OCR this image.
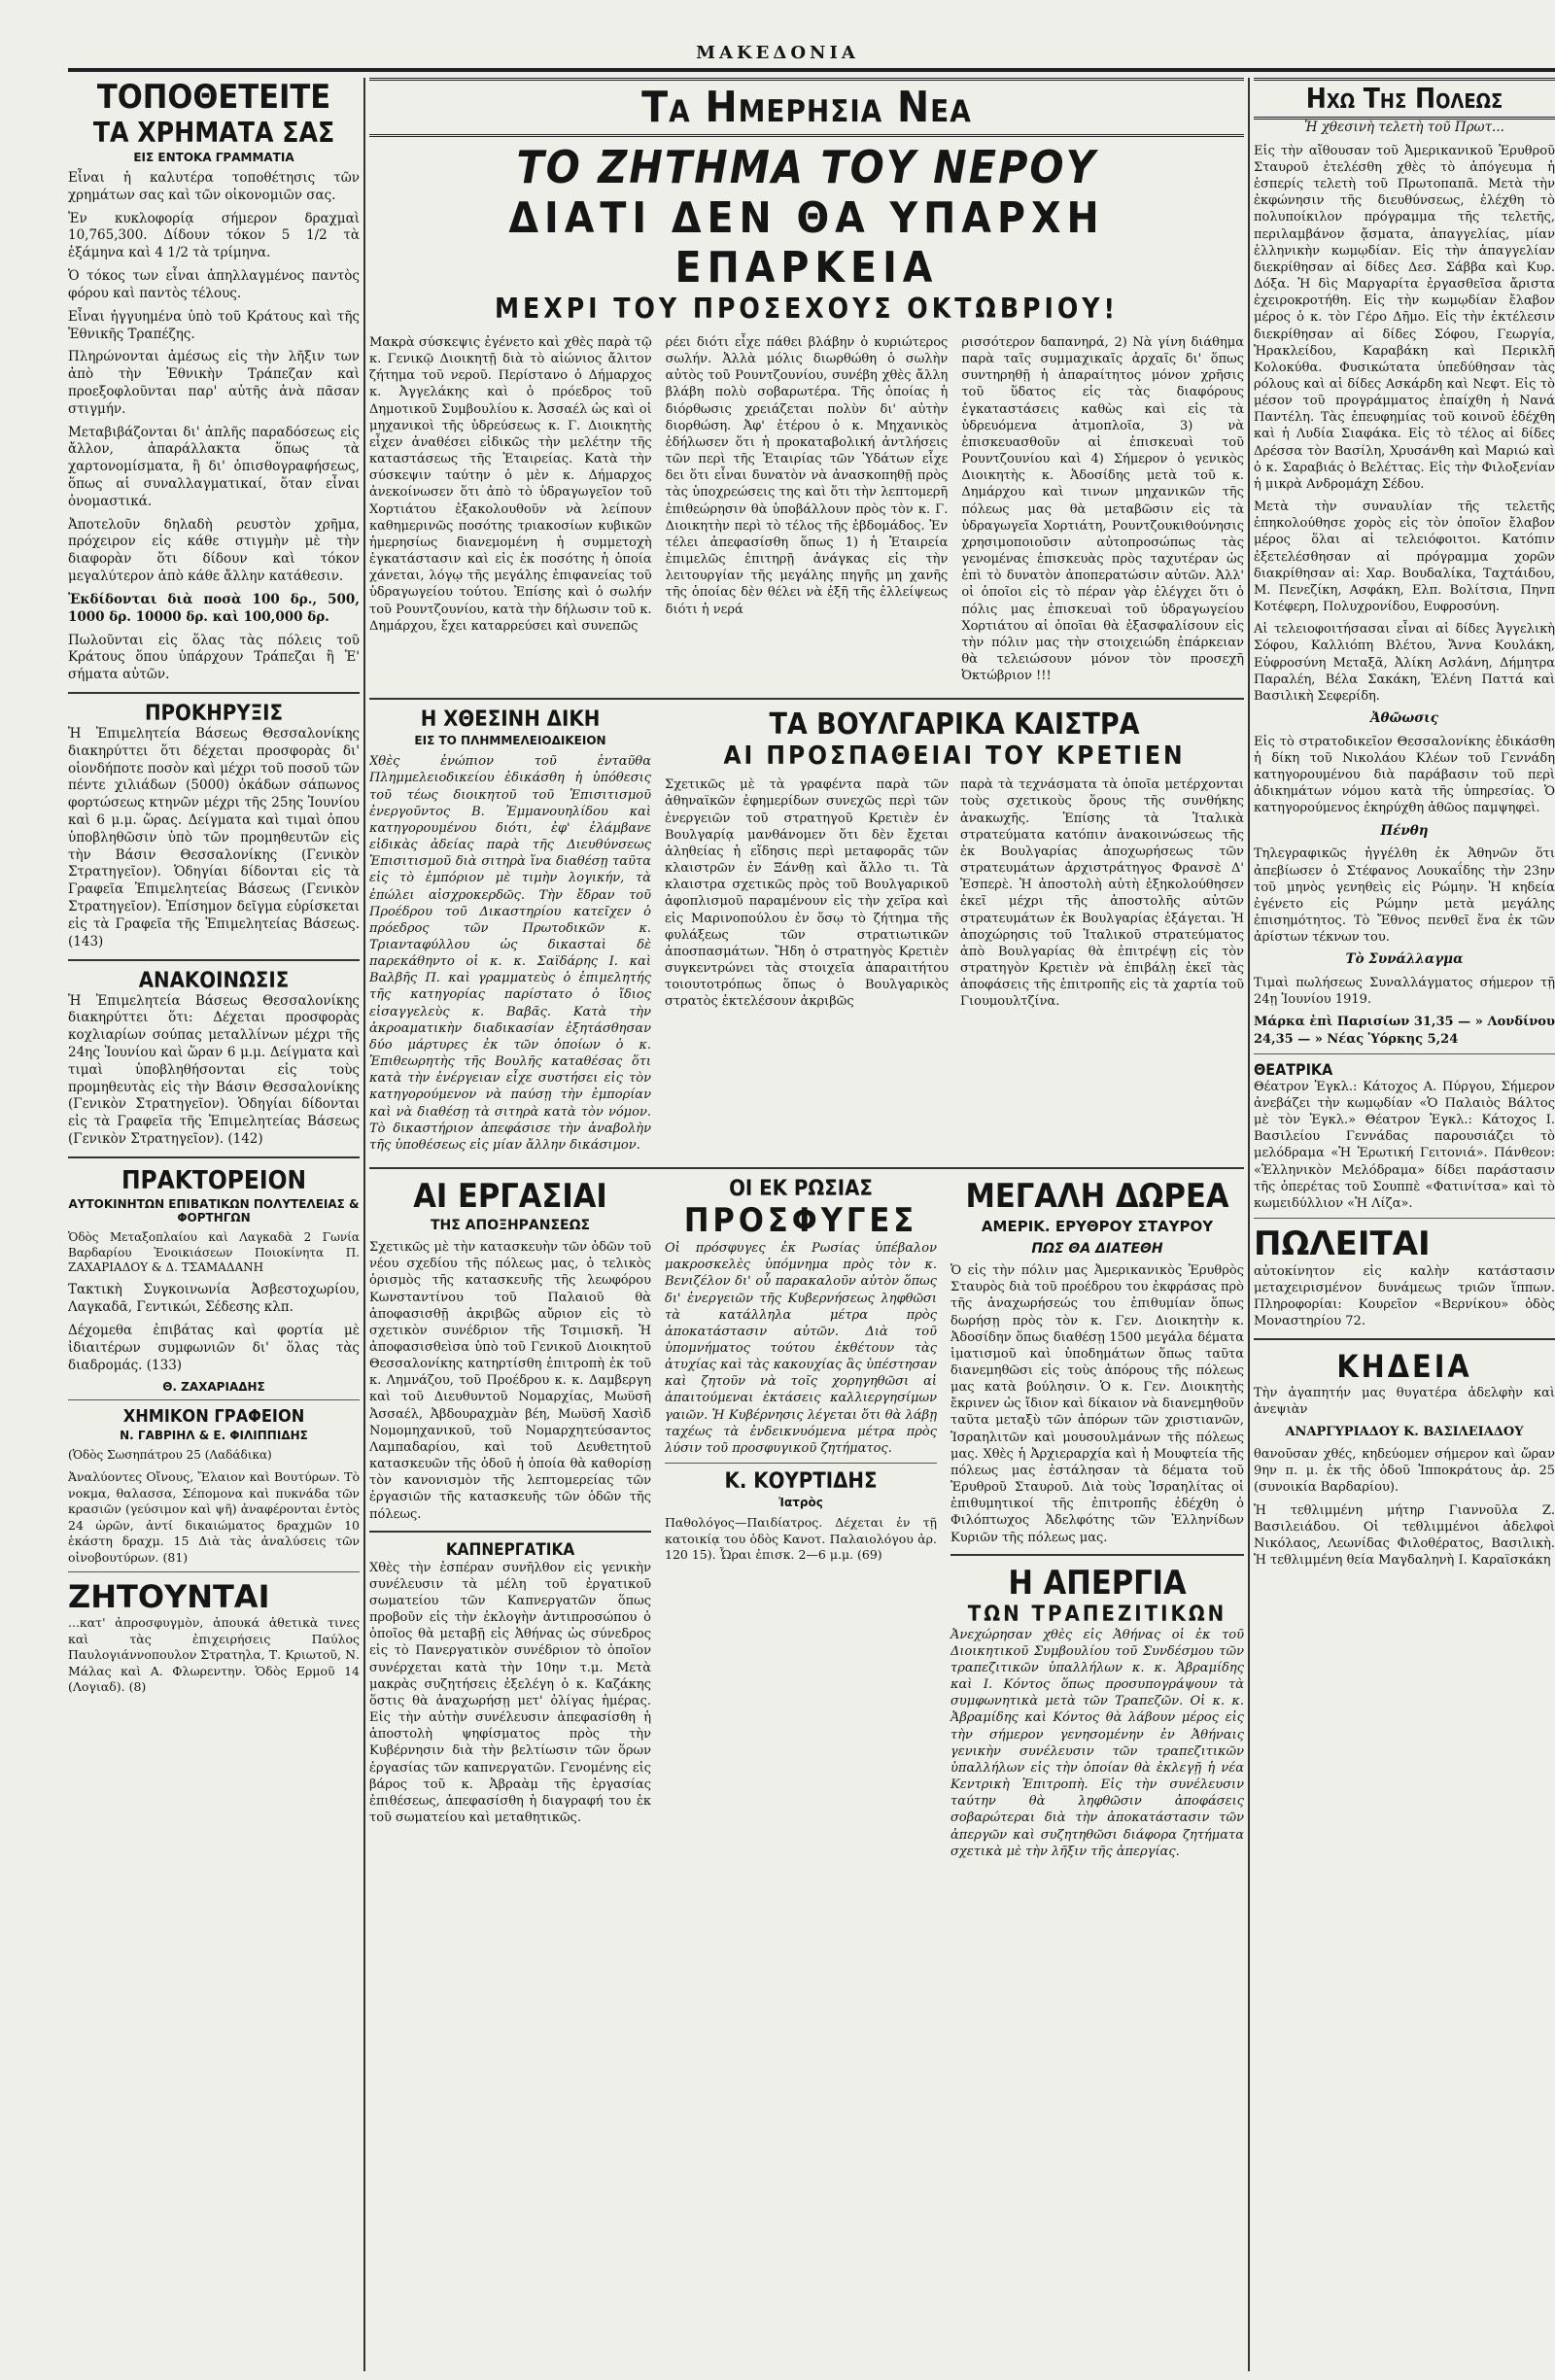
ΜΑΚΕΔΟΝΙΑ
ΤΟΠΟΘΕΤΕΙΤΕ
ΤΑ ΧΡΗΜΑΤΑ ΣΑΣ
ΕΙΣ ΕΝΤΟΚΑ ΓΡΑΜΜΑΤΙΑ

Εἶναι ἡ καλυτέρα τοποθέτησις τῶν χρημάτων σας καὶ τῶν οἰκονομιῶν σας.

Ἐν κυκλοφορίᾳ σήμερον δραχμαὶ 10,765,300. Δίδουν τόκον 5 1/2 τὰ ἑξάμηνα καὶ 4 1/2 τὰ τρίμηνα.

Ὁ τόκος των εἶναι ἀπηλλαγμένος παντὸς φόρου καὶ παντὸς τέλους.

Εἶναι ἠγγυημένα ὑπὸ τοῦ Κράτους καὶ τῆς Ἐθνικῆς Τραπέζης.

Πληρώνονται ἀμέσως εἰς τὴν λῆξιν των ἀπὸ τὴν Ἐθνικὴν Τράπεζαν καὶ προεξοφλοῦνται παρ' αὐτῆς ἀνὰ πᾶσαν στιγμήν.

Μεταβιβάζονται δι' ἁπλῆς παραδόσεως εἰς ἄλλον, ἀπαράλλακτα ὅπως τὰ χαρτονομίσματα, ἢ δι' ὀπισθογραφήσεως, ὅπως αἱ συναλλαγματικαί, ὅταν εἶναι ὀνομαστικά.

Ἀποτελοῦν δηλαδὴ ρευστὸν χρῆμα, πρόχειρον εἰς κάθε στιγμὴν μὲ τὴν διαφορὰν ὅτι δίδουν καὶ τόκον μεγαλύτερον ἀπὸ κάθε ἄλλην κατάθεσιν.

Ἐκδίδονται διὰ ποσὰ 100 δρ., 500, 1000 δρ. 10000 δρ. καὶ 100,000 δρ.

Πωλοῦνται εἰς ὅλας τὰς πόλεις τοῦ Κράτους ὅπου ὑπάρχουν Τράπεζαι ἢ Ἐ' σήματα αὐτῶν.

ΠΡΟΚΗΡΥΞΙΣ

Ἡ Ἐπιμελητεία Βάσεως Θεσσαλονίκης διακηρύττει ὅτι δέχεται προσφορὰς δι' οἱονδήποτε ποσὸν καὶ μέχρι τοῦ ποσοῦ τῶν πέντε χιλιάδων (5000) ὀκάδων σάπωνος φορτώσεως κτηνῶν μέχρι τῆς 25ης Ἰουνίου καὶ 6 μ.μ. ὥρας. Δείγματα καὶ τιμαὶ ὁπου ὑποβληθῶσιν ὑπὸ τῶν προμηθευτῶν εἰς τὴν Βάσιν Θεσσαλονίκης (Γενικὸν Στρατηγεῖον). Ὁδηγίαι δίδονται εἰς τὰ Γραφεῖα Ἐπιμελητείας Βάσεως (Γενικὸν Στρατηγεῖον). Ἐπίσημον δεῖγμα εὑρίσκεται εἰς τὰ Γραφεῖα τῆς Ἐπιμελητείας Βάσεως. (143)

ΑΝΑΚΟΙΝΩΣΙΣ

Ἡ Ἐπιμελητεία Βάσεως Θεσσαλονίκης διακηρύττει ὅτι: Δέχεται προσφορὰς κοχλιαρίων σούπας μεταλλίνων μέχρι τῆς 24ης Ἰουνίου καὶ ὥραν 6 μ.μ. Δείγματα καὶ τιμαὶ ὑποβληθήσονται εἰς τοὺς προμηθευτὰς εἰς τὴν Βάσιν Θεσσαλονίκης (Γενικὸν Στρατηγεῖον). Ὁδηγίαι δίδονται εἰς τὰ Γραφεῖα τῆς Ἐπιμελητείας Βάσεως (Γενικὸν Στρατηγεῖον). (142)

ΠΡΑΚΤΟΡΕΙΟΝ
ΑΥΤΟΚΙΝΗΤΩΝ ΕΠΙΒΑΤΙΚΩΝ ΠΟΛΥΤΕΛΕΙΑΣ & ΦΟΡΤΗΓΩΝ

Ὁδὸς Μεταξοπλαίου καὶ Λαγκαδὰ 2 Γωνία Βαρδαρίου Ἐνοικιάσεων Ποιοκίνητα Π. ΖΑΧΑΡΙΑΔΟΥ & Δ. ΤΣΑΜΑΔΑΝΗ

Τακτικὴ Συγκοινωνία Ἀσβεστοχωρίου, Λαγκαδᾶ, Γεντικώι, Σέδεσης κλπ.

Δέχομεθα ἐπιβάτας καὶ φορτία μὲ ἰδιαιτέρων συμφωνιῶν δι' ὅλας τὰς διαδρομάς. (133)

Θ. ΖΑΧΑΡΙΑΔΗΣ
ΧΗΜΙΚΟΝ ΓΡΑΦΕΙΟΝ
Ν. ΓΑΒΡΙΗΛ & Ε. ΦΙΛΙΠΠΙΔΗΣ

(Ὁδὸς Σωσηπάτρου 25 (Λαδάδικα)

Ἀναλύοντες Οἴνους, Ἔλαιον καὶ Βουτύρων. Τὸ νοκμα, θαλασσα, Σέπομονα καὶ πυκνάδα τῶν κρασιῶν (γεύσιμον καὶ ψῆ) ἀναφέρονται ἐντὸς 24 ὡρῶν, ἀντί δικαιώματος δραχμῶν 10 ἑκάστη δραχμ. 15 Διὰ τὰς ἀναλύσεις τῶν οἰνοβουτύρων. (81)

ΖΗΤΟΥΝΤΑΙ

...κατ' ἀπροσφυγμὸν, ἀπουκά ἀθετικὰ τινες καὶ τὰς ἐπιχειρήσεις Παύλος Παυλογιάννοπουλον Στρατηλα, Τ. Κριωτοῦ, Ν. Μάλας καὶ Α. Φλωρεντην. Ὁδὸς Ερμοῦ 14 (Λογιαδ). (8)

Τα Ημερησια Νεα
ΤΟ ΖΗΤΗΜΑ ΤΟΥ ΝΕΡΟΥ
ΔΙΑΤΙ ΔΕΝ ΘΑ ΥΠΑΡΧΗ ΕΠΑΡΚΕΙΑ
ΜΕΧΡΙ ΤΟΥ ΠΡΟΣΕΧΟΥΣ ΟΚΤΩΒΡΙΟΥ!

Μακρὰ σύσκεψις ἐγένετο καὶ χθὲς παρὰ τῷ κ. Γενικῷ Διοικητῇ διὰ τὸ αἰώνιος ἄλιτον ζήτημα τοῦ νεροῦ. Περίστανο ὁ Δήμαρχος κ. Ἀγγελάκης καὶ ὁ πρόεδρος τοῦ Δημοτικοῦ Συμβουλίου κ. Ἀσσαέλ ὡς καὶ οἱ μηχανικοὶ τῆς ὑδρεύσεως κ. Γ. Διοικητὴς εἶχεν ἀναθέσει εἰδικῶς τὴν μελέτην τῆς καταστάσεως τῆς Ἑταιρείας. Κατὰ τὴν σύσκεψιν ταύτην ὁ μὲν κ. Δήμαρχος ἀνεκοίνωσεν ὅτι ἀπὸ τὸ ὑδραγωγεῖον τοῦ Χορτιάτου ἐξακολουθοῦν νὰ λείπουν καθημερινῶς ποσότης τριακοσίων κυβικῶν ἡμερησίως διανεμομένη ἡ συμμετοχὴ ἐγκατάστασιν καὶ εἰς ἐκ ποσότης ἡ ὁποία χάνεται, λόγῳ τῆς μεγάλης ἐπιφανείας τοῦ ὑδραγωγείου τούτου. Ἐπίσης καὶ ὁ σωλήν τοῦ Ρουντζουνίου, κατὰ τὴν δήλωσιν τοῦ κ. Δημάρχου, ἔχει καταρρεύσει καὶ συνεπῶς

ρέει διότι εἶχε πάθει βλάβην ὁ κυριώτερος σωλήν. Ἀλλὰ μόλις διωρθώθη ὁ σωλὴν αὐτὸς τοῦ Ρουντζουνίου, συνέβη χθὲς ἄλλη βλάβη πολὺ σοβαρωτέρα. Τῆς ὁποίας ἡ διόρθωσις χρειάζεται πολὺν δι' αὐτὴν διορθώση. Ἀφ' ἑτέρου ὁ κ. Μηχανικὸς ἐδήλωσεν ὅτι ἡ προκαταβολική ἀντλήσεις τῶν περὶ τῆς Ἑταιρίας τῶν Ὑδάτων εἶχε δει ὅτι εἶναι δυνατὸν νὰ ἀνασκοπηθῇ πρὸς τὰς ὑποχρεώσεις της καὶ ὅτι τὴν λεπτομερῆ ἐπιθεώρησιν θὰ ὑποβάλλουν πρὸς τὸν κ. Γ. Διοικητὴν περὶ τὸ τέλος τῆς ἑβδομάδος. Ἐν τέλει ἀπεφασίσθη ὅπως 1) ἡ Ἑταιρεία ἐπιμελῶς ἐπιτηρῇ ἀνάγκας εἰς τὴν λειτουργίαν τῆς μεγάλης πηγῆς μη χανῆς τῆς ὁποίας δὲν θέλει νὰ ἐξῆ τῆς ἐλλείψεως διότι ἡ νερά

ρισσότερον δαπανηρά, 2) Νὰ γίνη διάθημα παρὰ ταῖς συμμαχικαῖς ἀρχαῖς δι' ὅπως συντηρηθῇ ἡ ἀπαραίτητος μόνον χρῆσις τοῦ ὕδατος εἰς τὰς διαφόρους ἐγκαταστάσεις καθὼς καὶ εἰς τὰ ὑδρευόμενα ἀτμοπλοῖα, 3) νὰ ἐπισκευασθοῦν αἱ ἐπισκευαὶ τοῦ Ρουντζουνίου καὶ 4) Σήμερον ὁ γενικὸς Διοικητὴς κ. Ἀδοσίδης μετὰ τοῦ κ. Δημάρχου καὶ τινων μηχανικῶν τῆς πόλεως μας θὰ μεταβῶσιν εἰς τὰ ὑδραγωγεῖα Χορτιάτη, Ρουντζουκιθούνησις χρησιμοποιοῦσιν αὐτοπροσώπως τὰς γενομένας ἐπισκευὰς πρὸς ταχυτέραν ὡς ἐπὶ τὸ δυνατὸν ἀποπερατώσιν αὐτῶν. Ἀλλ' οἱ ὁποῖοι εἰς τὸ πέραν γὰρ ἐλέγχει ὅτι ὁ πόλις μας ἐπισκευαὶ τοῦ ὑδραγωγείου Χορτιάτου αἱ ὁποῖαι θὰ ἐξασφαλίσουν εἰς τὴν πόλιν μας τὴν στοιχειώδη ἐπάρκειαν θὰ τελειώσουν μόνον τὸν προσεχῆ Ὀκτώβριον !!!

Η ΧΘΕΣΙΝΗ ΔΙΚΗ
ΕΙΣ ΤΟ ΠΛΗΜΜΕΛΕΙΟΔΙΚΕΙΟΝ

Χθὲς ἐνώπιον τοῦ ἐνταῦθα Πλημμελειοδικείου ἐδικάσθη ἡ ὑπόθεσις τοῦ τέως διοικητοῦ τοῦ Ἐπισιτισμοῦ ἐνεργοῦντος Β. Ἐμμανουηλίδου καὶ κατηγορουμένου διότι, ἐφ' ἐλάμβανε εἰδικὰς ἀδείας παρὰ τῆς Διευθύνσεως Ἐπισιτισμοῦ διὰ σιτηρὰ ἵνα διαθέσῃ ταῦτα εἰς τὸ ἐμπόριον μὲ τιμὴν λογικήν, τὰ ἐπώλει αἰσχροκερδῶς. Τὴν ἕδραν τοῦ Προέδρου τοῦ Δικαστηρίου κατεῖχεν ὁ πρόεδρος τῶν Πρωτοδικῶν κ. Τριανταφύλλου ὡς δικασταὶ δὲ παρεκάθηντο οἱ κ. κ. Σαϊδάρης Ι. καὶ Βαλβῆς Π. καὶ γραμματεὺς ὁ ἐπιμελητής τῆς κατηγορίας παρίστατο ὁ ἴδιος εἰσαγγελεὺς κ. Βαβᾶς. Κατὰ τὴν ἀκροαματικὴν διαδικασίαν ἐξητάσθησαν δύο μάρτυρες ἐκ τῶν ὁποίων ὁ κ. Ἐπιθεωρητὴς τῆς Βουλῆς καταθέσας ὅτι κατὰ τὴν ἐνέργειαν εἶχε συστήσει εἰς τὸν κατηγορούμενον νὰ παύσῃ τὴν ἐμπορίαν καὶ νὰ διαθέσῃ τὰ σιτηρὰ κατὰ τὸν νόμον. Τὸ δικαστήριον ἀπεφάσισε τὴν ἀναβολὴν τῆς ὑποθέσεως εἰς μίαν ἄλλην δικάσιμον.

ΤΑ ΒΟΥΛΓΑΡΙΚΑ ΚΑΙΣΤΡΑ
ΑΙ ΠΡΟΣΠΑΘΕΙΑΙ ΤΟΥ ΚΡΕΤΙΕΝ

Σχετικῶς μὲ τὰ γραφέντα παρὰ τῶν ἀθηναϊκῶν ἐφημερίδων συνεχῶς περὶ τῶν ἐνεργειῶν τοῦ στρατηγοῦ Κρετιὲν ἐν Βουλγαρίᾳ μανθάνομεν ὅτι δὲν ἔχεται ἀληθείας ἡ εἴδησις περὶ μεταφορᾶς τῶν κλαιστρῶν ἐν Ξάνθῃ καὶ ἄλλο τι. Τὰ κλαιστρα σχετικῶς πρὸς τοῦ Βουλγαρικοῦ ἀφοπλισμοῦ παραμένουν εἰς τὴν χεῖρα καὶ εἰς Μαρινοπούλου ἐν ὅσῳ τὸ ζήτημα τῆς φυλάξεως τῶν στρατιωτικῶν ἀποσπασμάτων. Ἤδη ὁ στρατηγὸς Κρετιὲν συγκεντρώνει τὰς στοιχεῖα ἀπαραιτήτου τοιουτοτρόπως ὅπως ὁ Βουλγαρικὸς στρατὸς ἐκτελέσουν ἀκριβῶς

παρὰ τὰ τεχνάσματα τὰ ὁποῖα μετέρχονται τοὺς σχετικοὺς ὅρους τῆς συνθήκης ἀνακωχῆς. Ἐπίσης τὰ Ἰταλικὰ στρατεύματα κατόπιν ἀνακοινώσεως τῆς ἐκ Βουλγαρίας ἀποχωρήσεως τῶν στρατευμάτων ἀρχιστράτηγος Φρανσὲ Δ' Ἐσπερὲ. Ἡ ἀποστολὴ αὐτὴ ἐξηκολούθησεν ἐκεῖ μέχρι τῆς ἀποστολῆς αὐτῶν στρατευμάτων ἐκ Βουλγαρίας ἐξάγεται. Ἡ ἀποχώρησις τοῦ Ἰταλικοῦ στρατεύματος ἀπὸ Βουλγαρίας θὰ ἐπιτρέψῃ εἰς τὸν στρατηγὸν Κρετιὲν νὰ ἐπιβάλῃ ἐκεῖ τὰς ἀποφάσεις τῆς ἐπιτροπῆς εἰς τὰ χαρτία τοῦ Γιουμουλτζίνα.

ΑΙ ΕΡΓΑΣΙΑΙ
ΤΗΣ ΑΠΟΞΗΡΑΝΣΕΩΣ

Σχετικῶς μὲ τὴν κατασκευὴν τῶν ὁδῶν τοῦ νέου σχεδίου τῆς πόλεως μας, ὁ τελικὸς ὁρισμὸς τῆς κατασκευῆς τῆς λεωφόρου Κωνσταντίνου τοῦ Παλαιοῦ θὰ ἀποφασισθῇ ἀκριβῶς αὔριον εἰς τὸ σχετικὸν συνέδριον τῆς Τσιμισκῆ. Ἡ ἀποφασισθεὶσα ὑπὸ τοῦ Γενικοῦ Διοικητοῦ Θεσσαλονίκης κατηρτίσθη ἐπιτροπὴ ἐκ τοῦ κ. Λημνάζου, τοῦ Προέδρου κ. κ. Δαμβεργη καὶ τοῦ Διευθυντοῦ Νομαρχίας, Μωϋσῆ Ἀσσαέλ, Ἀβδουραχμὰν βέη, Μωϋσῆ Χασὶδ Νομομηχανικοῦ, τοῦ Νομαρχητεύσαντος Λαμπαδαρίου, καὶ τοῦ Δευθετητοῦ κατασκευῶν τῆς ὁδοῦ ἡ ὁποία θὰ καθορίσῃ τὸν κανονισμὸν τῆς λεπτομερείας τῶν ἐργασιῶν τῆς κατασκευῆς τῶν ὁδῶν τῆς πόλεως.

ΚΑΠΝΕΡΓΑΤΙΚΑ

Χθὲς τὴν ἑσπέραν συνῆλθον εἰς γενικὴν συνέλευσιν τὰ μέλη τοῦ ἐργατικοῦ σωματείου τῶν Καπνεργατῶν ὅπως προβοῦν εἰς τὴν ἐκλογὴν ἀντιπροσώπου ὁ ὁποῖος θὰ μεταβῇ εἰς Ἀθήνας ὡς σύνεδρος εἰς τὸ Πανεργατικὸν συνέδριον τὸ ὁποῖον συνέρχεται κατὰ τὴν 10ην τ.μ. Μετὰ μακρὰς συζητήσεις ἐξελέγη ὁ κ. Καζάκης ὅστις θὰ ἀναχωρήσῃ μετ' ὀλίγας ἡμέρας. Εἰς τὴν αὐτὴν συνέλευσιν ἀπεφασίσθη ἡ ἀποστολὴ ψηφίσματος πρὸς τὴν Κυβέρνησιν διὰ τὴν βελτίωσιν τῶν ὅρων ἐργασίας τῶν καπνεργατῶν. Γενομένης εἰς βάρος τοῦ κ. Ἀβραὰμ τῆς ἐργασίας ἐπιθέσεως, ἀπεφασίσθη ἡ διαγραφή του ἐκ τοῦ σωματείου καὶ μεταθητικῶς.

ΟΙ ΕΚ ΡΩΣΙΑΣ
ΠΡΟΣΦΥΓΕΣ

Οἱ πρόσφυγες ἐκ Ρωσίας ὑπέβαλον μακροσκελὲς ὑπόμνημα πρὸς τὸν κ. Βενιζέλον δι' οὗ παρακαλοῦν αὐτὸν ὅπως δι' ἐνεργειῶν τῆς Κυβερνήσεως ληφθῶσι τὰ κατάλληλα μέτρα πρὸς ἀποκατάστασιν αὐτῶν. Διὰ τοῦ ὑπομνήματος τούτου ἐκθέτουν τὰς ἀτυχίας καὶ τὰς κακουχίας ἃς ὑπέστησαν καὶ ζητοῦν νὰ τοῖς χορηγηθῶσι αἱ ἀπαιτούμεναι ἐκτάσεις καλλιεργησίμων γαιῶν. Ἡ Κυβέρνησις λέγεται ὅτι θὰ λάβῃ ταχέως τὰ ἐνδεικνυόμενα μέτρα πρὸς λύσιν τοῦ προσφυγικοῦ ζητήματος.

Κ. ΚΟΥΡΤΙΔΗΣ
Ἰατρὸς

Παθολόγος—Παιδίατρος. Δέχεται ἐν τῇ κατοικίᾳ του ὁδὸς Κανοτ. Παλαιολόγου ἀρ. 120 15). Ὧραι ἐπισκ. 2—6 μ.μ. (69)

ΜΕΓΑΛΗ ΔΩΡΕΑ
ΑΜΕΡΙΚ. ΕΡΥΘΡΟΥ ΣΤΑΥΡΟΥ
ΠΩΣ ΘΑ ΔΙΑΤΕΘΗ

Ὁ εἰς τὴν πόλιν μας Ἀμερικανικὸς Ἐρυθρὸς Σταυρὸς διὰ τοῦ προέδρου του ἐκφράσας πρὸ τῆς ἀναχωρήσεώς του ἐπιθυμίαν ὅπως δωρήσῃ πρὸς τὸν κ. Γεν. Διοικητὴν κ. Ἀδοσίδην ὅπως διαθέσῃ 1500 μεγάλα δέματα ἱματισμοῦ καὶ ὑποδημάτων ὅπως ταῦτα διανεμηθῶσι εἰς τοὺς ἀπόρους τῆς πόλεως μας κατὰ βούλησιν. Ὁ κ. Γεν. Διοικητὴς ἔκρινεν ὡς ἴδιον καὶ δίκαιον νὰ διανεμηθοῦν ταῦτα μεταξὺ τῶν ἀπόρων τῶν χριστιανῶν, Ἰσραηλιτῶν καὶ μουσουλμάνων τῆς πόλεως μας. Χθὲς ἡ Ἀρχιεραρχία καὶ ἡ Μουφτεία τῆς πόλεως μας ἐστάλησαν τὰ δέματα τοῦ Ἐρυθροῦ Σταυροῦ. Διὰ τοὺς Ἰσραηλίτας οἱ ἐπιθυμητικοί τῆς ἐπιτροπῆς ἐδέχθη ὁ Φιλόπτωχος Ἀδελφότης τῶν Ἑλληνίδων Κυριῶν τῆς πόλεως μας.

Η ΑΠΕΡΓΙΑ
ΤΩΝ ΤΡΑΠΕΖΙΤΙΚΩΝ

Ἀνεχώρησαν χθὲς εἰς Ἀθήνας οἱ ἐκ τοῦ Διοικητικοῦ Συμβουλίου τοῦ Συνδέσμου τῶν τραπεζιτικῶν ὑπαλλήλων κ. κ. Ἀβραμίδης καὶ Ι. Κόντος ὅπως προσυπογράψουν τὰ συμφωνητικὰ μετὰ τῶν Τραπεζῶν. Οἱ κ. κ. Ἀβραμίδης καὶ Κόντος θὰ λάβουν μέρος εἰς τὴν σήμερον γενησομένην ἐν Ἀθήναις γενικὴν συνέλευσιν τῶν τραπεζιτικῶν ὑπαλλήλων εἰς τὴν ὁποίαν θὰ ἐκλεγῇ ἡ νέα Κεντρικὴ Ἐπιτροπὴ. Εἰς τὴν συνέλευσιν ταύτην θὰ ληφθῶσιν ἀποφάσεις σοβαρώτεραι διὰ τὴν ἀποκατάστασιν τῶν ἀπεργῶν καὶ συζητηθῶσι διάφορα ζητήματα σχετικὰ μὲ τὴν λῆξιν τῆς ἀπεργίας.

Ηχω Της Πολεως

Ἡ χθεσινὴ τελετὴ τοῦ Πρωτ...

Εἰς τὴν αἴθουσαν τοῦ Ἀμερικανικοῦ Ἐρυθροῦ Σταυροῦ ἐτελέσθη χθὲς τὸ ἀπόγευμα ἡ ἑσπερίς τελετὴ τοῦ Πρωτοπαπᾶ. Μετὰ τὴν ἐκφώνησιν τῆς διευθύνσεως, ἐλέχθη τὸ πολυποίκιλον πρόγραμμα τῆς τελετῆς, περιλαμβάνον ᾄσματα, ἀπαγγελίας, μίαν ἑλληνικὴν κωμῳδίαν. Εἰς τὴν ἀπαγγελίαν διεκρίθησαν αἱ δίδες Δεσ. Σάββα καὶ Κυρ. Δόξα. Ἡ δὶς Μαργαρίτα ἐργασθεῖσα ἄριστα ἐχειροκροτήθη. Εἰς τὴν κωμῳδίαν ἔλαβον μέρος ὁ κ. τὸν Γέρο Δῆμο. Εἰς τὴν ἐκτέλεσιν διεκρίθησαν αἱ δίδες Σόφου, Γεωργία, Ἡρακλείδου, Καραβάκη καὶ Περικλῆ Κολοκύθα. Φυσικώτατα ὑπεδύθησαν τὰς ρόλους καὶ αἱ δίδες Ασκάρδη καὶ Νεφτ. Εἰς τὸ μέσον τοῦ προγράμματος ἐπαίχθη ἡ Νανά Παντέλη. Τὰς ἐπευφημίας τοῦ κοινοῦ ἐδέχθη καὶ ἡ Λυδία Σιαφάκα. Εἰς τὸ τέλος αἱ δίδες Δρέσσα τὸν Βασίλη, Χρυσάνθη καὶ Μαριώ καὶ ὁ κ. Σαραβιάς ὁ Βελέττας. Εἰς τὴν Φιλοξενίαν ἡ μικρὰ Ανδρομάχη Σέδου.

Μετὰ τὴν συναυλίαν τῆς τελετῆς ἐπηκολούθησε χορὸς εἰς τὸν ὁποῖον ἔλαβον μέρος ὅλαι αἱ τελειόφοιτοι. Κατόπιν ἐξετελέσθησαν αἱ πρόγραμμα χορῶν διακρίθησαν αἱ: Χαρ. Βουδαλίκα, Ταχτάιδου, Μ. Πενεζίκη, Ασφάκη, Ελπ. Βολίτσια, Πηνπ Κοτέφερη, Πολυχρονίδου, Ευφροσύνη.

Αἱ τελειοφοιτήσασαι εἶναι αἱ δίδες Ἀγγελικὴ Σόφου, Καλλιόπη Βλέτου, Ἄννα Κουλάκη, Εὐφροσύνη Μεταξᾶ, Ἀλίκη Ασλάνη, Δήμητρα Παραλέη, Βέλα Σακάκη, Ἐλένη Παττά καὶ Βασιλικὴ Σεφερίδη.

Ἀθῶωσις

Εἰς τὸ στρατοδικεῖον Θεσσαλονίκης ἐδικάσθη ἡ δίκη τοῦ Νικολάου Κλέων τοῦ Γεννάδη κατηγορουμένου διὰ παράβασιν τοῦ περὶ ἀδικημάτων νόμου κατὰ τῆς ὑπηρεσίας. Ὁ κατηγορούμενος ἐκηρύχθη ἀθῶος παμψηφεὶ.

Πένθη

Τηλεγραφικῶς ἠγγέλθη ἐκ Ἀθηνῶν ὅτι ἀπεβίωσεν ὁ Στέφανος Λουκαΐδης τὴν 23ην τοῦ μηνὸς γενηθεὶς εἰς Ρώμην. Ἡ κηδεία ἐγένετο εἰς Ρώμην μετὰ μεγάλης ἐπισημότητος. Τὸ Ἔθνος πενθεῖ ἕνα ἐκ τῶν ἀρίστων τέκνων του.

Τὸ Συνάλλαγμα

Τιμαὶ πωλήσεως Συναλλάγματος σήμερον τῇ 24ῃ Ἰουνίου 1919.

Μάρκα ἐπὶ Παρισίων 31,35 — » Λονδίνου 24,35 — » Νέας Ὑόρκης 5,24

ΘΕΑΤΡΙΚΑ

Θέατρον Ἐγκλ.: Κάτοχος Α. Πύργου, Σήμερον ἀνεβάζει τὴν κωμῳδίαν «Ὁ Παλαιὸς Βάλτος μὲ τὸν Ἐγκλ.» Θέατρον Ἐγκλ.: Κάτοχος Ι. Βασιλείου Γεννάδας παρουσιάζει τὸ μελόδραμα «Ἡ Ἐρωτική Γειτονιά». Πάνθεον: «Ἑλληνικὸν Μελόδραμα» δίδει παράστασιν τῆς ὀπερέτας τοῦ Σουππὲ «Φατινίτσα» καὶ τὸ κωμειδύλλιον «Ἡ Λίζα».

ΠΩΛΕΙΤΑΙ

αὐτοκίνητον εἰς καλὴν κατάστασιν μεταχειρισμένον δυνάμεως τριῶν ἵππων. Πληροφορίαι: Κουρεῖον «Βερνίκου» ὁδὸς Μοναστηρίου 72.

ΚΗΔΕΙΑ

Τὴν ἀγαπητήν μας θυγατέρα ἀδελφὴν καὶ ἀνεψιὰν

ΑΝΑΡΓΥΡΙΑΔΟΥ Κ. ΒΑΣΙΛΕΙΑΔΟΥ

θανοῦσαν χθές, κηδεύομεν σήμερον καὶ ὥραν 9ην π. μ. ἐκ τῆς ὁδοῦ Ἱπποκράτους ἀρ. 25 (συνοικία Βαρδαρίου).

Ἡ τεθλιμμένη μήτηρ Γιαννοῦλα Ζ. Βασιλειάδου. Οἱ τεθλιμμένοι ἀδελφοὶ Νικόλαος, Λεωνίδας Φιλοθέρατος, Βασιλικὴ. Ἡ τεθλιμμένη θεία Μαγδαληνὴ Ι. Καραϊσκάκη
